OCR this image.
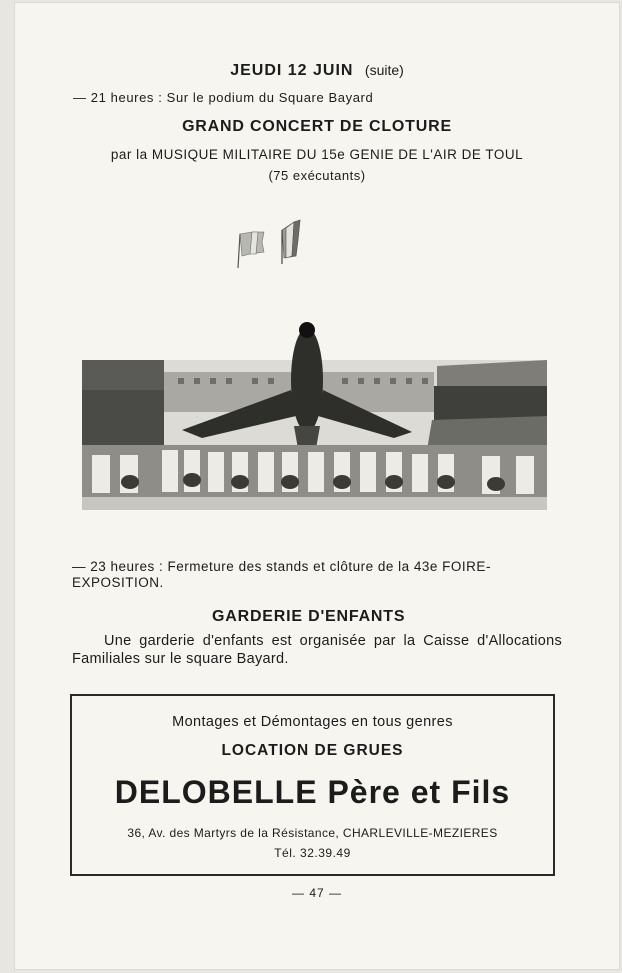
JEUDI 12 JUIN (suite)
— 21 heures : Sur le podium du Square Bayard
GRAND CONCERT DE CLOTURE
par la MUSIQUE MILITAIRE DU 15e GENIE DE L'AIR DE TOUL
(75 exécutants)
— 23 heures : Fermeture des stands et clôture de la 43e FOIRE-EXPOSITION.
GARDERIE D'ENFANTS
Une garderie d'enfants est organisée par la Caisse d'Allocations Familiales sur le square Bayard.
Montages et Démontages en tous genres
LOCATION DE GRUES
DELOBELLE Père et Fils
36, Av. des Martyrs de la Résistance, CHARLEVILLE-MEZIERES
Tél. 32.39.49
— 47 —
